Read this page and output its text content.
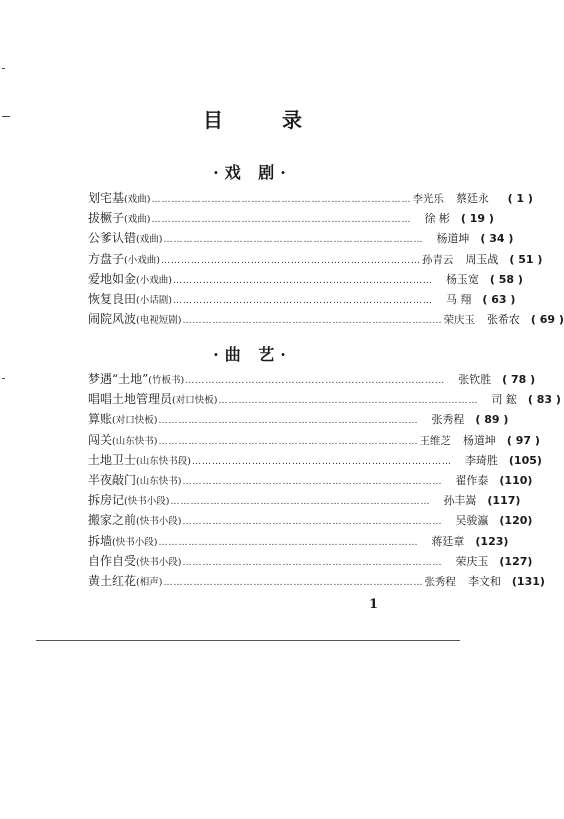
目 录
·戏 剧·
划宅基 (戏曲) …………………………………………………………………… 李光乐 蔡廷永	( 1 )
拔橛子 (戏曲) …………………………………………………………………… 徐 彬 ( 19 )
公爹认错 (戏曲) …………………………………………………………………… 杨道坤 ( 34 )
方盘子 (小戏曲) …………………………………………………………………… 孙青云 周玉战 ( 51 )
爱地如金 (小戏曲) …………………………………………………………………… 杨玉宽 ( 58 )
恢复良田 (小话剧) …………………………………………………………………… 马 翔 ( 63 )
闹院风波 (电视短剧) …………………………………………………………………… 荣庆玉 张希农 ( 69 )
·曲 艺·
梦遇“土地” (竹板书) …………………………………………………………………… 张钦胜 ( 78 )
唱唱土地管理员 (对口快板) …………………………………………………………………… 司 鋐 ( 83 )
算账 (对口快板) …………………………………………………………………… 张秀程 ( 89 )
闯关 (山东快书) …………………………………………………………………… 王维芝 杨道坤 ( 97 )
土地卫士 (山东快书段) …………………………………………………………………… 李琦胜 (105)
半夜敲门 (山东快书) …………………………………………………………………… 翟作泰 (110)
拆房记 (快书小段) …………………………………………………………………… 孙丰嵩 (117)
搬家之前 (快书小段) …………………………………………………………………… 吴骏瀛 (120)
拆墙 (快书小段) …………………………………………………………………… 蒋廷章 (123)
自作自受 (快书小段) …………………………………………………………………… 荣庆玉 (127)
黄土红花 (相声) …………………………………………………………………… 张秀程 李文和 (131)
1
